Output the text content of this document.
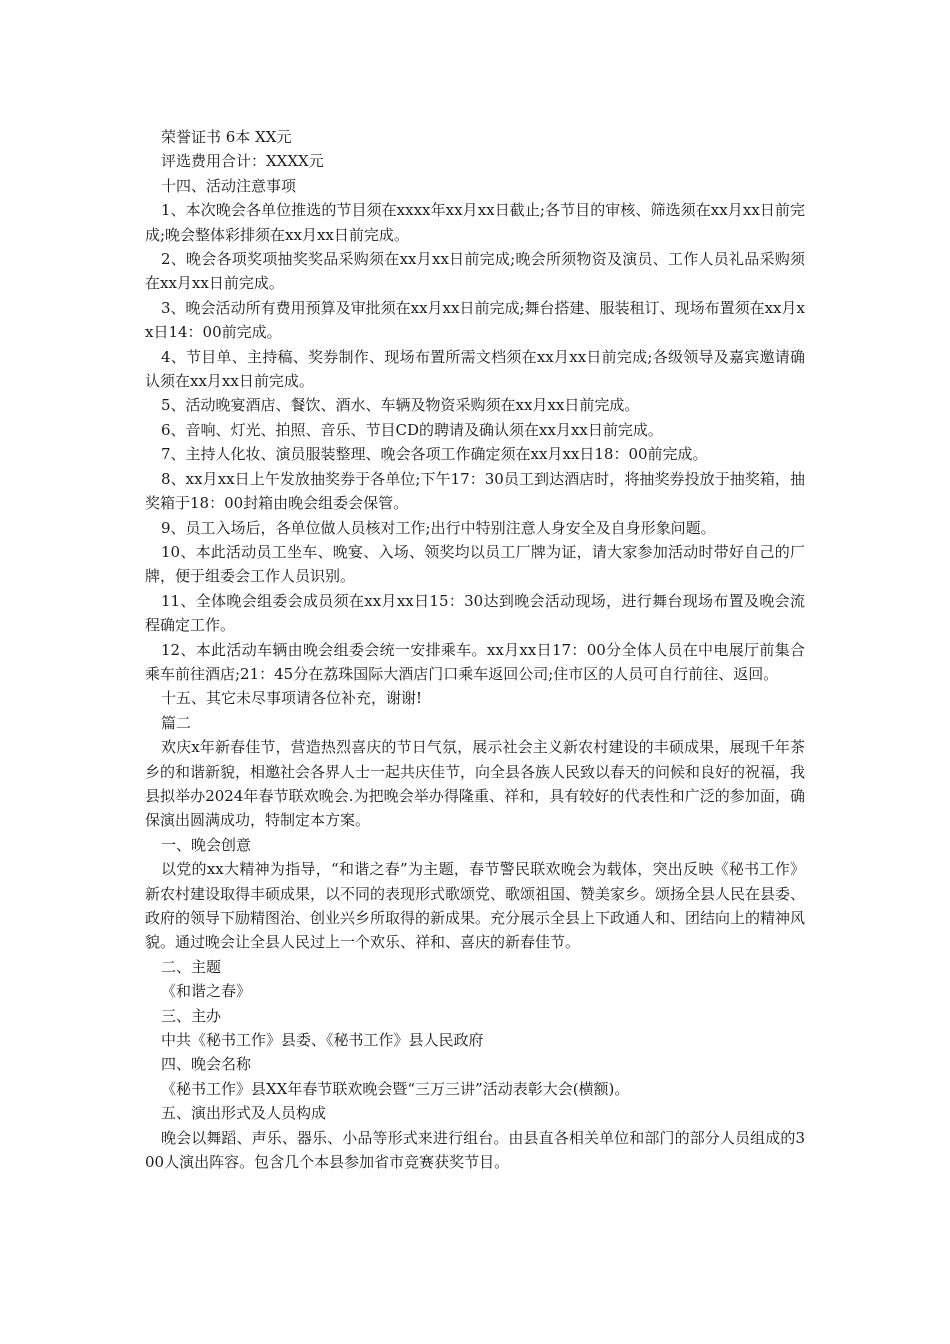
荣誉证书 6本 XX元

评选费用合计：XXXX元

十四、活动注意事项

1、本次晚会各单位推选的节目须在xxxx年xx月xx日截止;各节目的审核、筛选须在xx月xx日前完成;晚会整体彩排须在xx月xx日前完成。

2、晚会各项奖项抽奖奖品采购须在xx月xx日前完成;晚会所须物资及演员、工作人员礼品采购须在xx月xx日前完成。

3、晚会活动所有费用预算及审批须在xx月xx日前完成;舞台搭建、服装租订、现场布置须在xx月xx日14：00前完成。

4、节目单、主持稿、奖券制作、现场布置所需文档须在xx月xx日前完成;各级领导及嘉宾邀请确认须在xx月xx日前完成。

5、活动晚宴酒店、餐饮、酒水、车辆及物资采购须在xx月xx日前完成。

6、音响、灯光、拍照、音乐、节目CD的聘请及确认须在xx月xx日前完成。

7、主持人化妆、演员服装整理、晚会各项工作确定须在xx月xx日18：00前完成。

8、xx月xx日上午发放抽奖券于各单位;下午17：30员工到达酒店时，将抽奖券投放于抽奖箱，抽奖箱于18：00封箱由晚会组委会保管。

9、员工入场后，各单位做人员核对工作;出行中特别注意人身安全及自身形象问题。

10、本此活动员工坐车、晚宴、入场、领奖均以员工厂牌为证，请大家参加活动时带好自己的厂牌，便于组委会工作人员识别。

11、全体晚会组委会成员须在xx月xx日15：30达到晚会活动现场，进行舞台现场布置及晚会流程确定工作。

12、本此活动车辆由晚会组委会统一安排乘车。xx月xx日17：00分全体人员在中电展厅前集合乘车前往酒店;21：45分在荔珠国际大酒店门口乘车返回公司;住市区的人员可自行前往、返回。

十五、其它未尽事项请各位补充，谢谢!

篇二

欢庆x年新春佳节，营造热烈喜庆的节日气氛，展示社会主义新农村建设的丰硕成果，展现千年茶乡的和谐新貌，相邀社会各界人士一起共庆佳节，向全县各族人民致以春天的问候和良好的祝福，我县拟举办2024年春节联欢晚会.为把晚会举办得隆重、祥和，具有较好的代表性和广泛的参加面，确保演出圆满成功，特制定本方案。

一、晚会创意

以党的xx大精神为指导，“和谐之春”为主题，春节警民联欢晚会为载体，突出反映《秘书工作》新农村建设取得丰硕成果，以不同的表现形式歌颂党、歌颂祖国、赞美家乡。颂扬全县人民在县委、政府的领导下励精图治、创业兴乡所取得的新成果。充分展示全县上下政通人和、团结向上的精神风貌。通过晚会让全县人民过上一个欢乐、祥和、喜庆的新春佳节。

二、主题

《和谐之春》

三、主办

中共《秘书工作》县委、《秘书工作》县人民政府

四、晚会名称

《秘书工作》县XX年春节联欢晚会暨“三万三讲”活动表彰大会(横额)。

五、演出形式及人员构成

晚会以舞蹈、声乐、器乐、小品等形式来进行组台。由县直各相关单位和部门的部分人员组成的300人演出阵容。包含几个本县参加省市竞赛获奖节目。
